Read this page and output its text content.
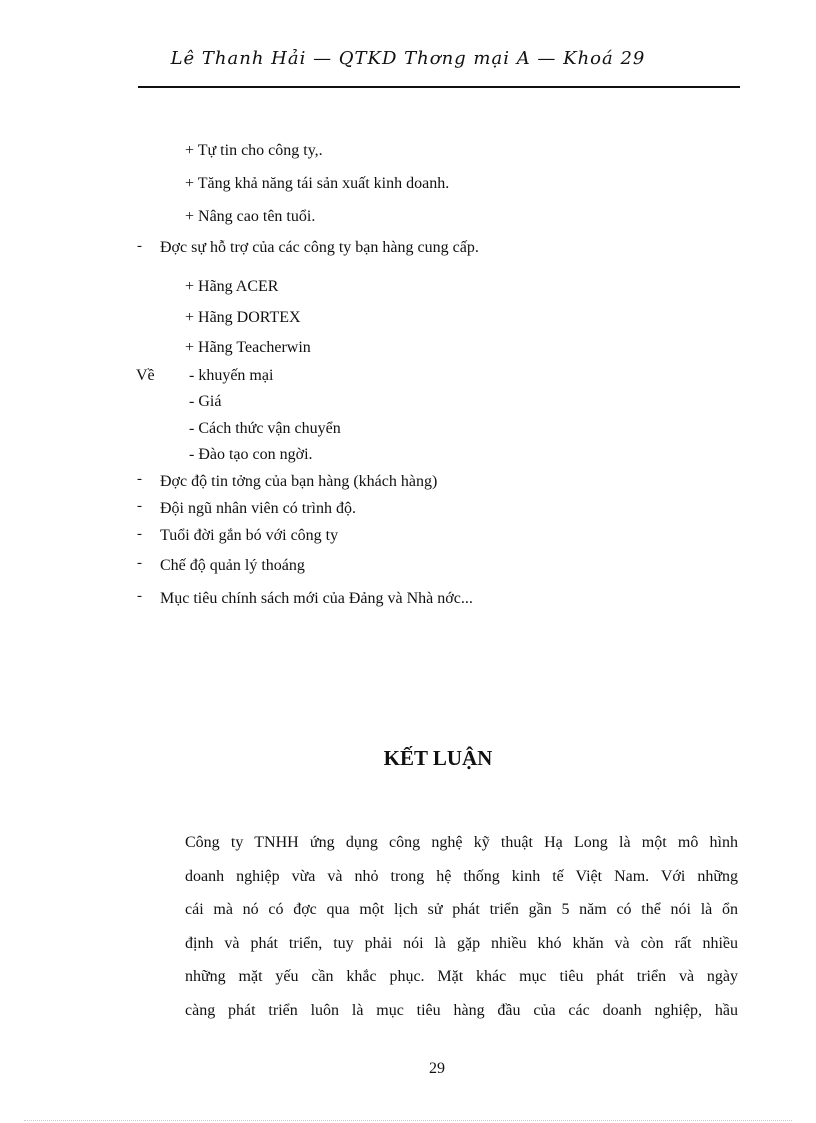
Lê Thanh Hải — QTKD Thơng mại A — Khoá 29
+ Tự tin cho công ty,.
+ Tăng khả năng tái sản xuất kinh doanh.
+ Nâng cao tên tuổi.
- Đợc sự hỗ trợ của các công ty bạn hàng cung cấp.
+ Hãng ACER
+ Hãng DORTEX
+ Hãng Teacherwin
Về - khuyến mại
- Giá
- Cách thức vận chuyển
- Đào tạo con ngời.
- Đợc độ tin tởng của bạn hàng (khách hàng)
- Đội ngũ nhân viên có trình độ.
- Tuổi đời gắn bó với công ty
- Chế độ quản lý thoáng
- Mục tiêu chính sách mới của Đảng và Nhà nớc...
KẾT LUẬN
Công ty TNHH ứng dụng công nghệ kỹ thuật Hạ Long là một mô hình
doanh nghiệp vừa và nhỏ trong hệ thống kinh tế Việt Nam. Với những
cái mà nó có đợc qua một lịch sử phát triển gần 5 năm có thể nói là ổn
định và phát triển, tuy phải nói là gặp nhiều khó khăn và còn rất nhiều
những mặt yếu cần khắc phục. Mặt khác mục tiêu phát triển và ngày
càng phát triển luôn là mục tiêu hàng đầu của các doanh nghiệp, hầu
29
